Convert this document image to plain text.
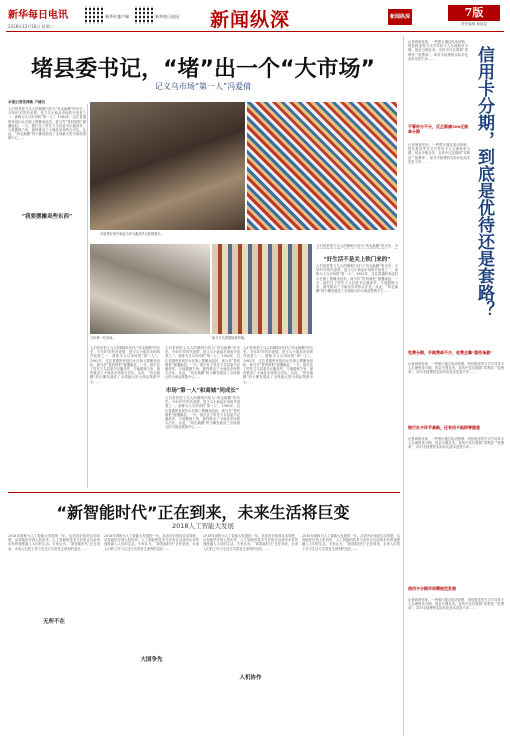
新华每日电讯
2018年12月18日 星期二
新华社客户端	新华每日电讯 新闻纵深	新闻纵深	7版
责任编辑 黄昭昆
堵县委书记，“堵”出一个“大市场”
记义乌市场“第一人”冯爱倩
本报记者张鸿敏 卢啸汶
人们常常把义乌人的精明归结为“鸡毛换糖”的历史。今年87岁的冯爱倩，是义乌小商品市场的开创者之一，被称为义乌市场的“第一人”。1982年，这位普通的家庭妇女在街上摆摊卖纽扣，被当作“投机倒把”屡遭驱赶。一天，她拦住了时任义乌县委书记谢高华，与他据理力争，最终推动了小商品市场的合法化。从此，“鸡毛换糖”的小摊发展成了全球最大的小商品集散中心……
“我要摆摊卖些东西”
冯爱倩在家中拿起当年与谢高华合影的照片。
当年第一代市场。	如今义乌的国际商贸城。
“好生活不是关上铁门来的”
人们常常把义乌人的精明归结为“鸡毛换糖”的历史。今
人们常常把义乌人的精明归结为“鸡毛换糖”的历史。今年87岁的冯爱倩，是义乌小商品市场的开创者之一，被称为义乌市场的“第一人”。1982年，这位普通的家庭妇女在街上摆摊卖纽扣，被当作“投机倒把”屡遭驱赶。一天，她拦住了时任义乌县委书记谢高华，与他据理力争，最终推动了小商品市场的合法化。从此，“鸡毛换糖”的小摊发展成了全球最大的小商品集散中心……
人们常常把义乌人的精明归结为“鸡毛换糖”的历史。今年87岁的冯爱倩，是义乌小商品市场的开创者之一，被称为义乌市场的“第一人”。1982年，这位普通的家庭妇女在街上摆摊卖纽扣，被当作“投机倒把”屡遭驱赶。一天，她拦住了时任义乌县委书记谢高华，与他据理力争，最终推动了小商品市场的合法化。从此，“鸡毛换糖”的小摊发展成了全球最大的小商品集散中心……
市场“第一人”和商城“同成长”
人们常常把义乌人的精明归结为“鸡毛换糖”的历史。今年87岁的冯爱倩，是义乌小商品市场的开创者之一，被称为义乌市场的“第一人”。1982年，这位普通的家庭妇女在街上摆摊卖纽扣，被当作“投机倒把”屡遭驱赶。一天，她拦住了时任义乌县委书记谢高华，与他据理力争，最终推动了小商品市场的合法化。从此，“鸡毛换糖”的小摊发展成了全球最大的小商品集散中心……
人们常常把义乌人的精明归结为“鸡毛换糖”的历史。今年87岁的冯爱倩，是义乌小商品市场的开创者之一，被称为义乌市场的“第一人”。1982年，这位普通的家庭妇女在街上摆摊卖纽扣，被当作“投机倒把”屡遭驱赶。一天，她拦住了时任义乌县委书记谢高华，与他据理力争，最终推动了小商品市场的合法化。从此，“鸡毛换糖”的小摊发展成了全球最大的小商品集散中心……
人们常常把义乌人的精明归结为“鸡毛换糖”的历史。今年87岁的冯爱倩，是义乌小商品市场的开创者之一，被称为义乌市场的“第一人”。1982年，这位普通的家庭妇女在街上摆摊卖纽扣，被当作“投机倒把”屡遭驱赶。一天，她拦住了时任义乌县委书记谢高华，与他据理力争，最终推动了小商品市场的合法化。从此，“鸡毛换糖”的小摊发展成了全球最大的小商品集散中心……
“新智能时代”正在到来，未来生活将巨变
2018人工智能大发展
2018年被称为人工智能大发展的一年。从语音识别到自动驾驶，从智能医疗到人机协作，人工智能的技术与应用正以前所未有的速度融入人们的生活。专家认为，“新智能时代”正在到来，未来人们的工作与生活方式将发生深刻的变化……
无所不在
2018年被称为人工智能大发展的一年。从语音识别到自动驾驶，从智能医疗到人机协作，人工智能的技术与应用正以前所未有的速度融入人们的生活。专家认为，“新智能时代”正在到来，未来人们的工作与生活方式将发生深刻的变化……
大国争先
2018年被称为人工智能大发展的一年。从语音识别到自动驾驶，从智能医疗到人机协作，人工智能的技术与应用正以前所未有的速度融入人们的生活。专家认为，“新智能时代”正在到来，未来人们的工作与生活方式将发生深刻的变化……
人机协作
2018年被称为人工智能大发展的一年。从语音识别到自动驾驶，从智能医疗到人机协作，人工智能的技术与应用正以前所未有的速度融入人们的生活。专家认为，“新智能时代”正在到来，未来人们的工作与生活方式将发生深刻的变化……
记者调查发现，一些银行通过电话营销、短信推送等方式引导持卡人办理账单分期、现金分期业务，宣传中往往强调“零利息”“低费率”，却对手续费的实际年化成本语焉不详……	信用卡分期，到底是优待还是套路？
不管你分不分，反正都减500元账单分期
记者调查发现，一些银行通过电话营销、短信推送等方式引导持卡人办理账单分期、现金分期业务，宣传中往往强调“零利息”“低费率”，却对手续费的实际年化成本语焉不详……
免费分期，手续费却不少，收费全靠“隐形条款”
记者调查发现，一些银行通过电话营销、短信推送等方式引导持卡人办理账单分期、现金分期业务，宣传中往往强调“零利息”“低费率”，却对手续费的实际年化成本语焉不详……
银行办卡环节套路，还有用卡陷阱等隐患
记者调查发现，一些银行通过电话营销、短信推送等方式引导持卡人办理账单分期、现金分期业务，宣传中往往强调“零利息”“低费率”，却对手续费的实际年化成本语焉不详……
信用卡分期市场需规范发展
记者调查发现，一些银行通过电话营销、短信推送等方式引导持卡人办理账单分期、现金分期业务，宣传中往往强调“零利息”“低费率”，却对手续费的实际年化成本语焉不详……
